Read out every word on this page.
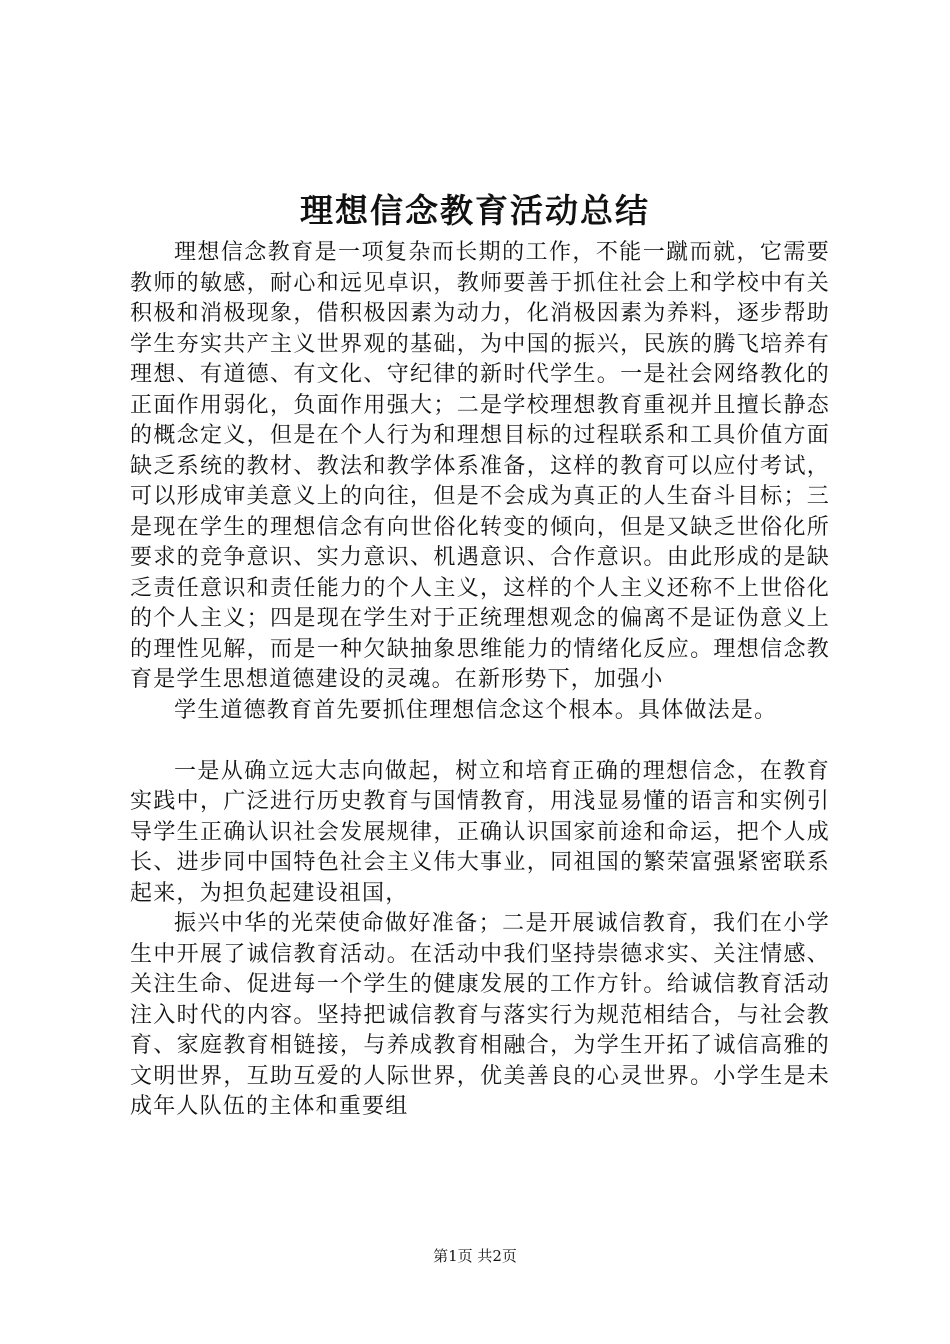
理想信念教育活动总结

理想信念教育是一项复杂而长期的工作，不能一蹴而就，它需要教师的敏感，耐心和远见卓识，教师要善于抓住社会上和学校中有关积极和消极现象，借积极因素为动力，化消极因素为养料，逐步帮助学生夯实共产主义世界观的基础，为中国的振兴，民族的腾飞培养有理想、有道德、有文化、守纪律的新时代学生。一是社会网络教化的正面作用弱化，负面作用强大；二是学校理想教育重视并且擅长静态的概念定义，但是在个人行为和理想目标的过程联系和工具价值方面缺乏系统的教材、教法和教学体系准备，这样的教育可以应付考试，可以形成审美意义上的向往，但是不会成为真正的人生奋斗目标；三是现在学生的理想信念有向世俗化转变的倾向，但是又缺乏世俗化所要求的竞争意识、实力意识、机遇意识、合作意识。由此形成的是缺乏责任意识和责任能力的个人主义，这样的个人主义还称不上世俗化的个人主义；四是现在学生对于正统理想观念的偏离不是证伪意义上的理性见解，而是一种欠缺抽象思维能力的情绪化反应。理想信念教育是学生思想道德建设的灵魂。在新形势下，加强小

学生道德教育首先要抓住理想信念这个根本。具体做法是。

一是从确立远大志向做起，树立和培育正确的理想信念，在教育实践中，广泛进行历史教育与国情教育，用浅显易懂的语言和实例引导学生正确认识社会发展规律，正确认识国家前途和命运，把个人成长、进步同中国特色社会主义伟大事业，同祖国的繁荣富强紧密联系起来，为担负起建设祖国，

振兴中华的光荣使命做好准备；二是开展诚信教育，我们在小学生中开展了诚信教育活动。在活动中我们坚持崇德求实、关注情感、关注生命、促进每一个学生的健康发展的工作方针。给诚信教育活动注入时代的内容。坚持把诚信教育与落实行为规范相结合，与社会教育、家庭教育相链接，与养成教育相融合，为学生开拓了诚信高雅的文明世界，互助互爱的人际世界，优美善良的心灵世界。小学生是未成年人队伍的主体和重要组

第1页 共2页
